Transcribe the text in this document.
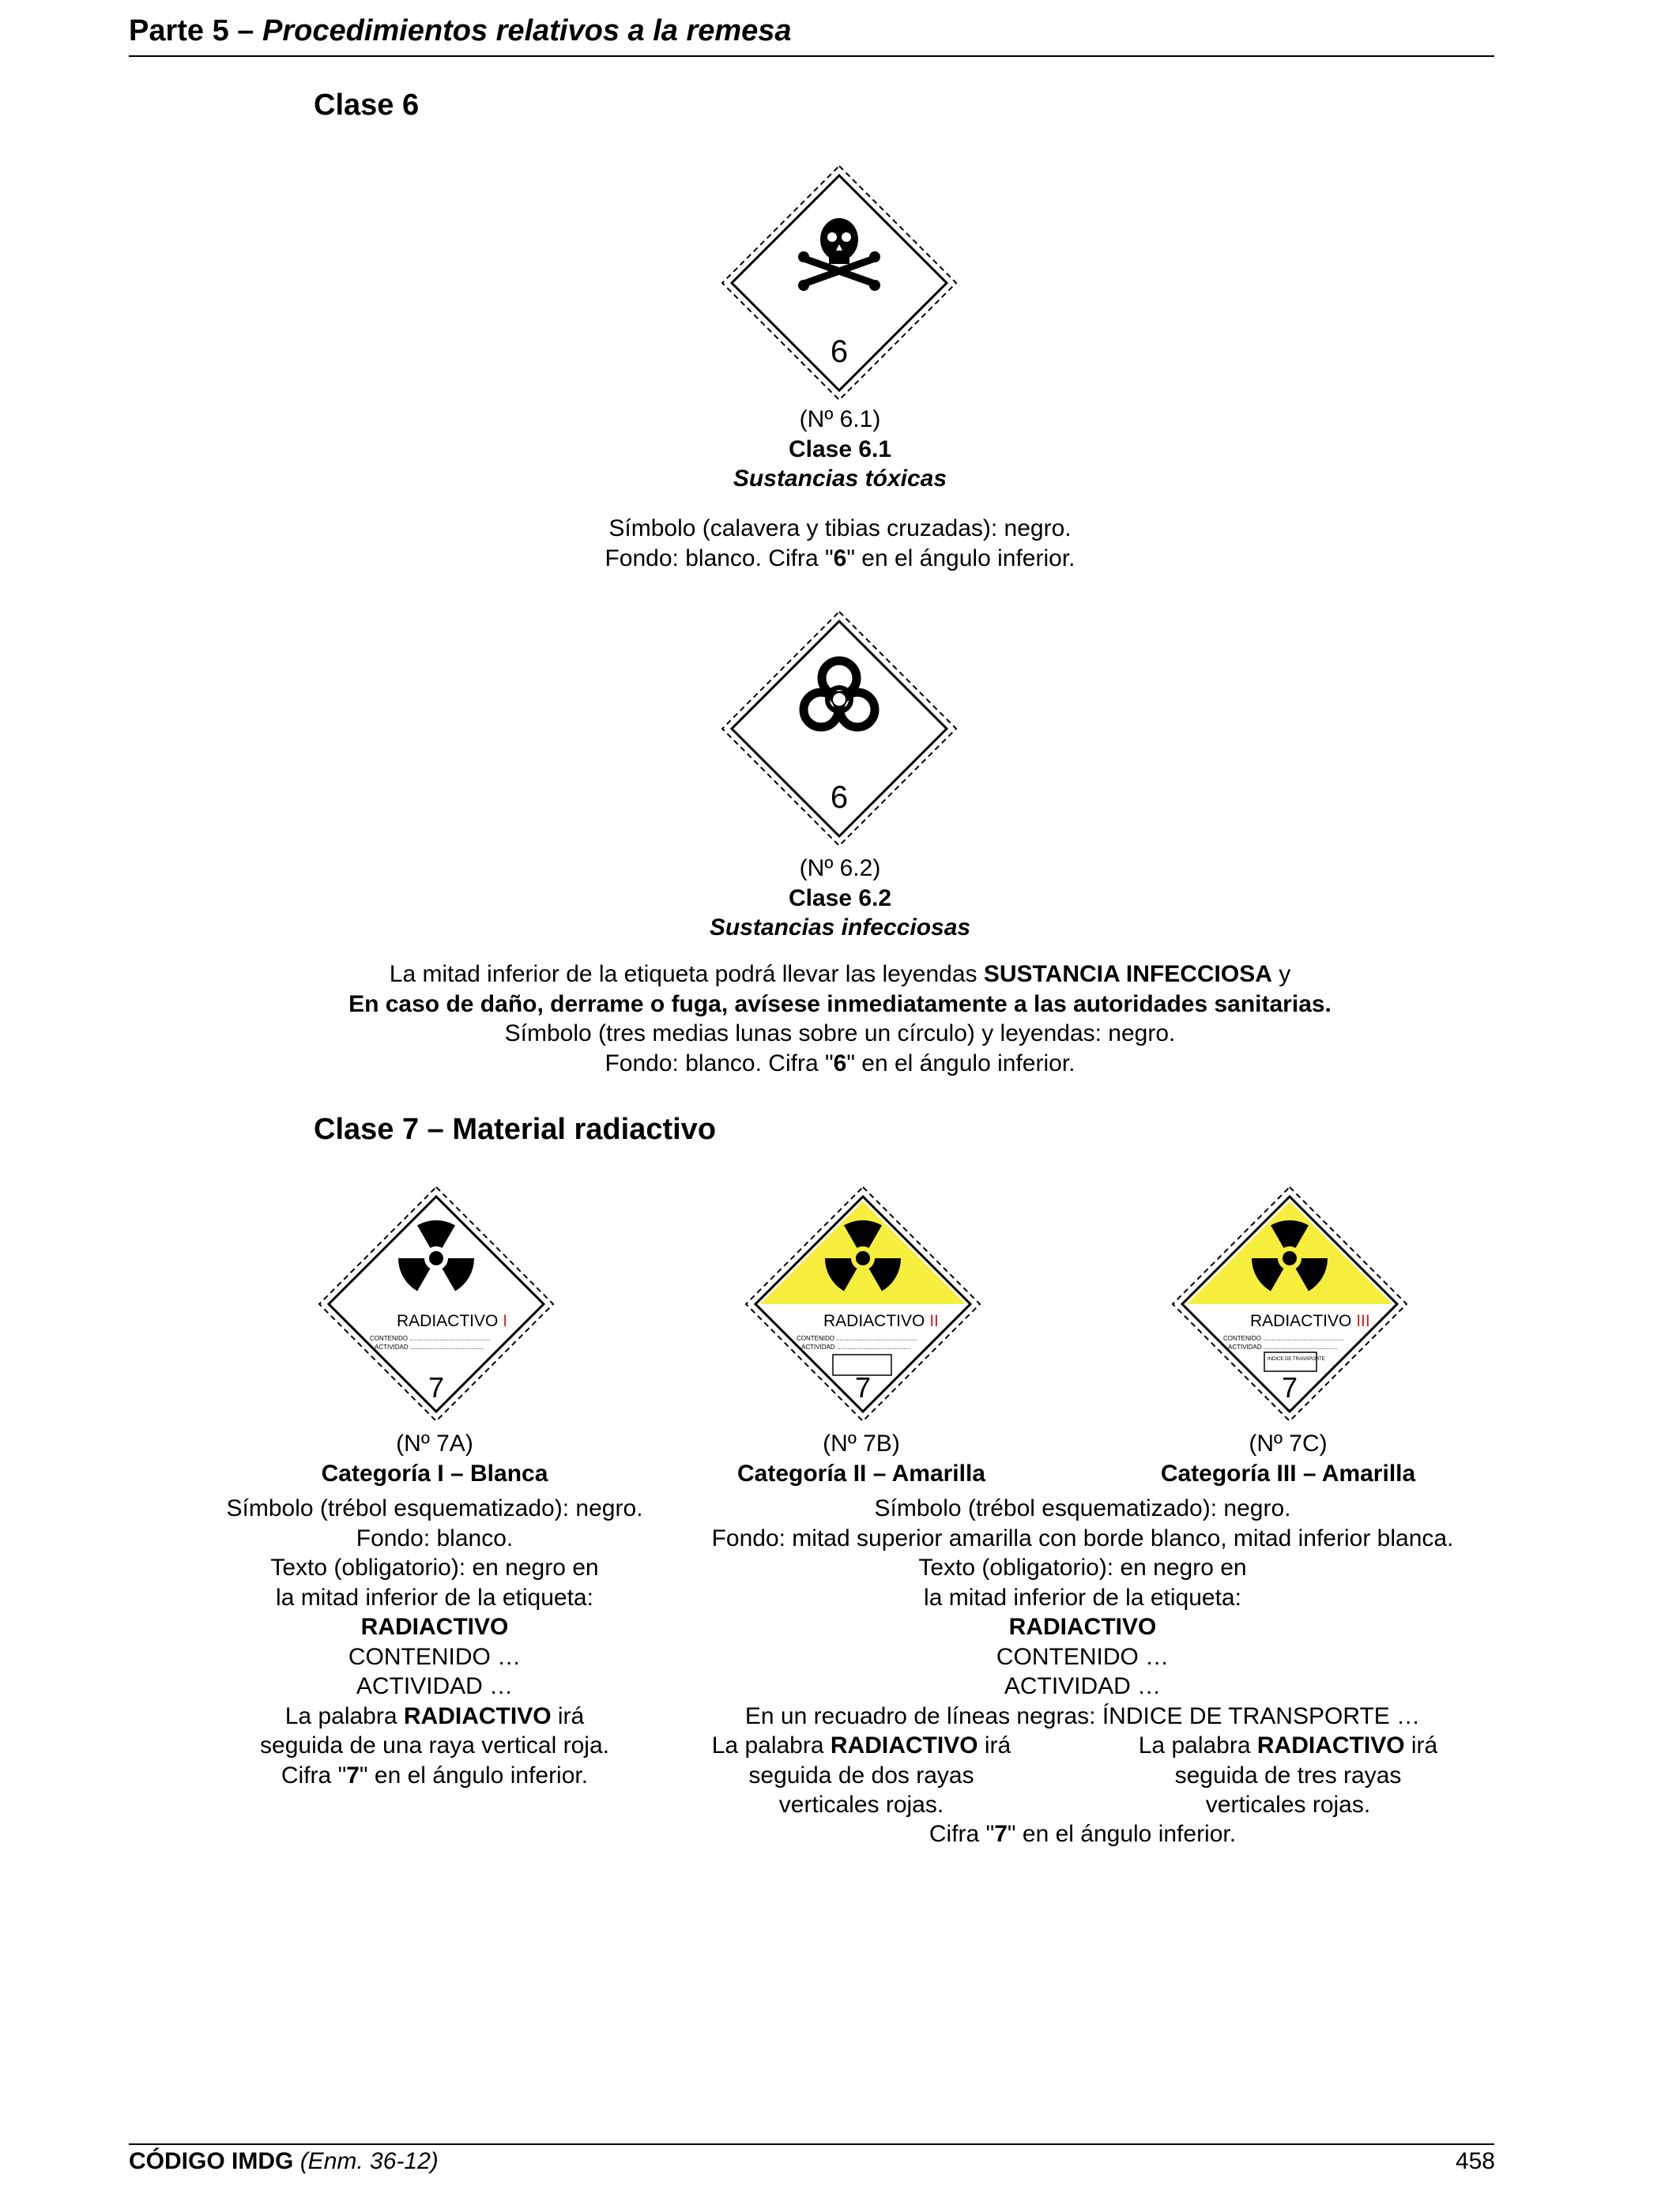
Parte 5 – Procedimientos relativos a la remesa
Clase 6
6
(Nº 6.1)
Clase 6.1
Sustancias tóxicas
Símbolo (calavera y tibias cruzadas): negro.
Fondo: blanco. Cifra "6" en el ángulo inferior.
6
(Nº 6.2)
Clase 6.2
Sustancias infecciosas
La mitad inferior de la etiqueta podrá llevar las leyendas SUSTANCIA INFECCIOSA y
En caso de daño, derrame o fuga, avísese inmediatamente a las autoridades sanitarias.
Símbolo (tres medias lunas sobre un círculo) y leyendas: negro.
Fondo: blanco. Cifra "6" en el ángulo inferior.
Clase 7 – Material radiactivo
RADIACTIVO I
CONTENIDO ..............................................
ACTIVIDAD ..........................................
7
RADIACTIVO II
CONTENIDO ..............................................
ACTIVIDAD ..........................................
7
RADIACTIVO III
CONTENIDO ..............................................
ACTIVIDAD ..........................................
INDICE DE TRANSPORTE
7
(Nº 7A)
Categoría I – Blanca
(Nº 7B)
Categoría II – Amarilla
(Nº 7C)
Categoría III – Amarilla
Símbolo (trébol esquematizado): negro.
Fondo: blanco.
Texto (obligatorio): en negro en
la mitad inferior de la etiqueta:
RADIACTIVO
CONTENIDO …
ACTIVIDAD …
La palabra RADIACTIVO irá
seguida de una raya vertical roja.
Cifra "7" en el ángulo inferior.
Símbolo (trébol esquematizado): negro.
Fondo: mitad superior amarilla con borde blanco, mitad inferior blanca.
Texto (obligatorio): en negro en
la mitad inferior de la etiqueta:
RADIACTIVO
CONTENIDO …
ACTIVIDAD …
En un recuadro de líneas negras: ÍNDICE DE TRANSPORTE …
La palabra RADIACTIVO irá
seguida de dos rayas
verticales rojas.
La palabra RADIACTIVO irá
seguida de tres rayas
verticales rojas.
Cifra "7" en el ángulo inferior.
CÓDIGO IMDG (Enm. 36-12)	458
